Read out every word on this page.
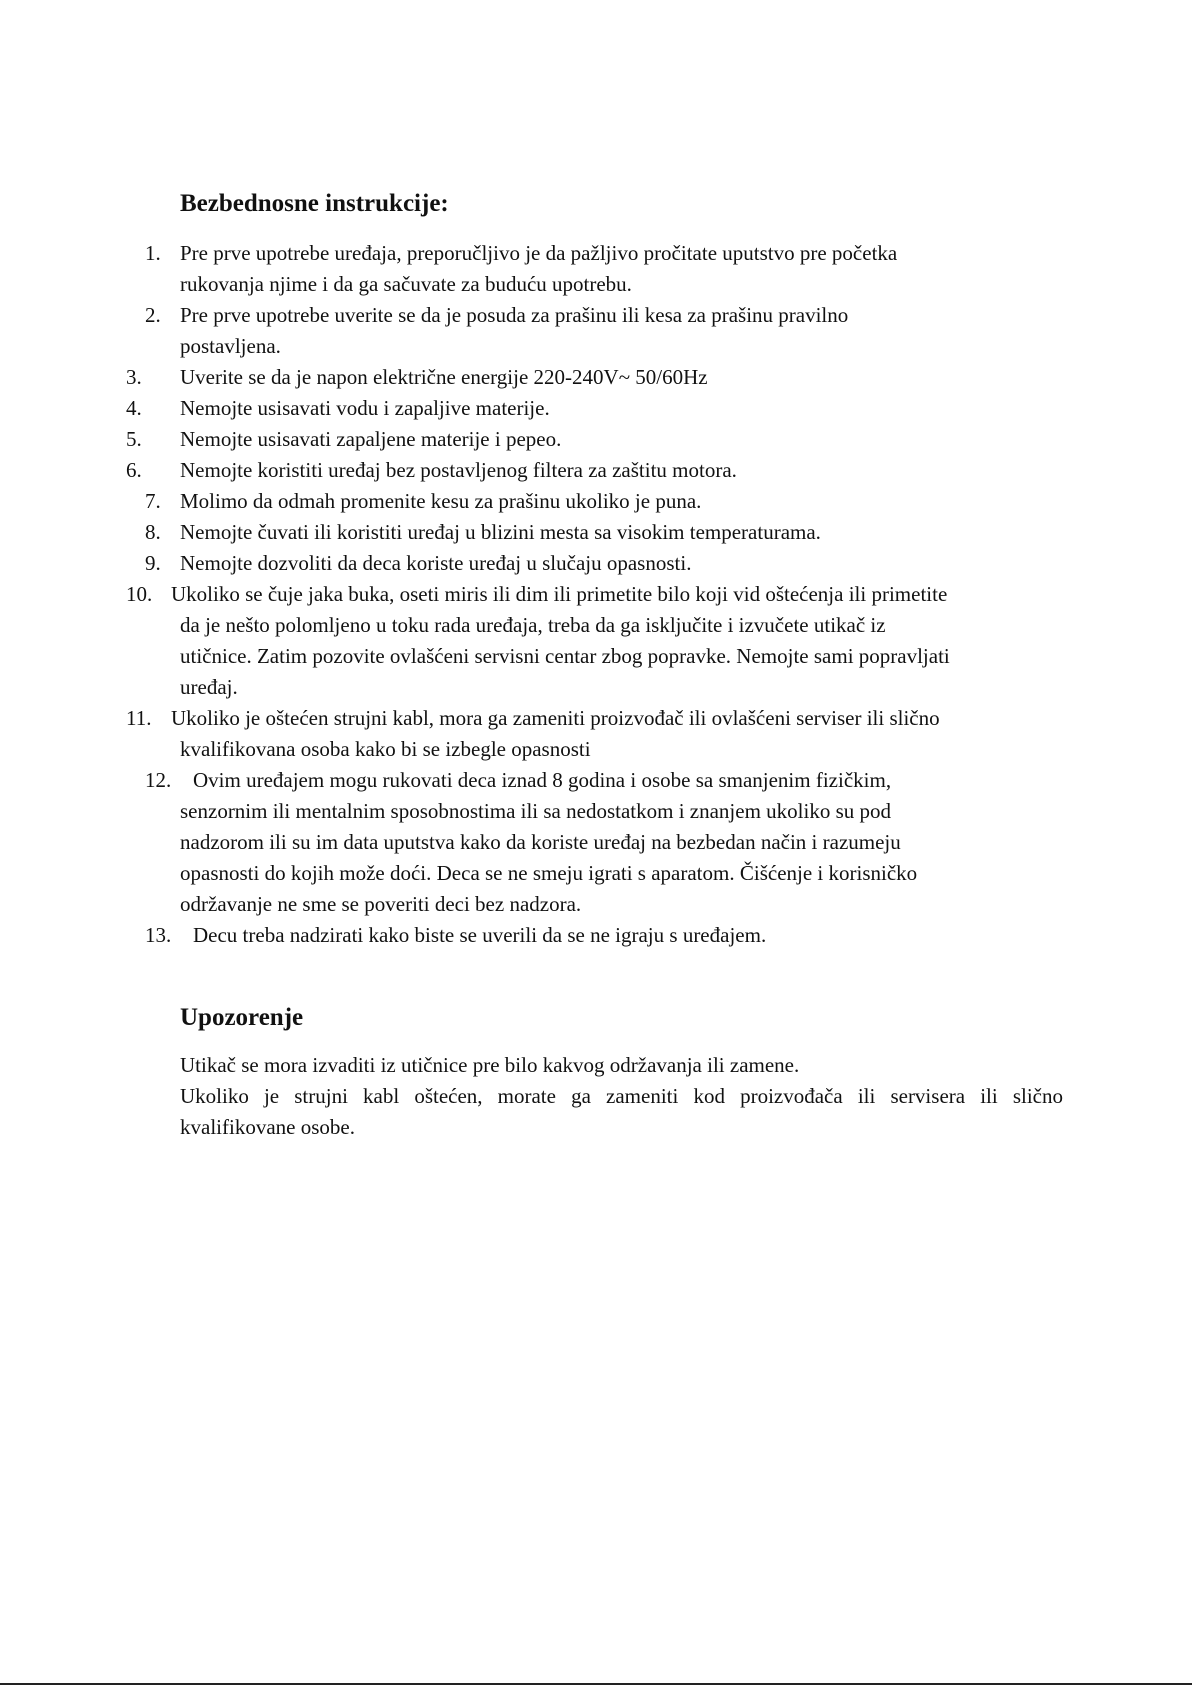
Bezbednosne instrukcije:
1. Pre prve upotrebe uređaja, preporučljivo je da pažljivo pročitate uputstvo pre početka

rukovanja njime i da ga sačuvate za buduću upotrebu.

2. Pre prve upotrebe uverite se da je posuda za prašinu ili kesa za prašinu pravilno

postavljena.

3. Uverite se da je napon električne energije 220-240V~ 50/60Hz

4. Nemojte usisavati vodu i zapaljive materije.

5. Nemojte usisavati zapaljene materije i pepeo.

6. Nemojte koristiti uređaj bez postavljenog filtera za zaštitu motora.

7. Molimo da odmah promenite kesu za prašinu ukoliko je puna.

8. Nemojte čuvati ili koristiti uređaj u blizini mesta sa visokim temperaturama.

9. Nemojte dozvoliti da deca koriste uređaj u slučaju opasnosti.

10. Ukoliko se čuje jaka buka, oseti miris ili dim ili primetite bilo koji vid oštećenja ili primetite

da je nešto polomljeno u toku rada uređaja, treba da ga isključite i izvučete utikač iz

utičnice. Zatim pozovite ovlašćeni servisni centar zbog popravke. Nemojte sami popravljati

uređaj.

11. Ukoliko je oštećen strujni kabl, mora ga zameniti proizvođač ili ovlašćeni serviser ili slično

kvalifikovana osoba kako bi se izbegle opasnosti

12. Ovim uređajem mogu rukovati deca iznad 8 godina i osobe sa smanjenim fizičkim,

senzornim ili mentalnim sposobnostima ili sa nedostatkom i znanjem ukoliko su pod

nadzorom ili su im data uputstva kako da koriste uređaj na bezbedan način i razumeju

opasnosti do kojih može doći. Deca se ne smeju igrati s aparatom. Čišćenje i korisničko

održavanje ne sme se poveriti deci bez nadzora.

13. Decu treba nadzirati kako biste se uverili da se ne igraju s uređajem.

Upozorenje

Utikač se mora izvaditi iz utičnice pre bilo kakvog održavanja ili zamene.

Ukoliko je strujni kabl oštećen, morate ga zameniti kod proizvođača ili servisera ili slično

kvalifikovane osobe.
